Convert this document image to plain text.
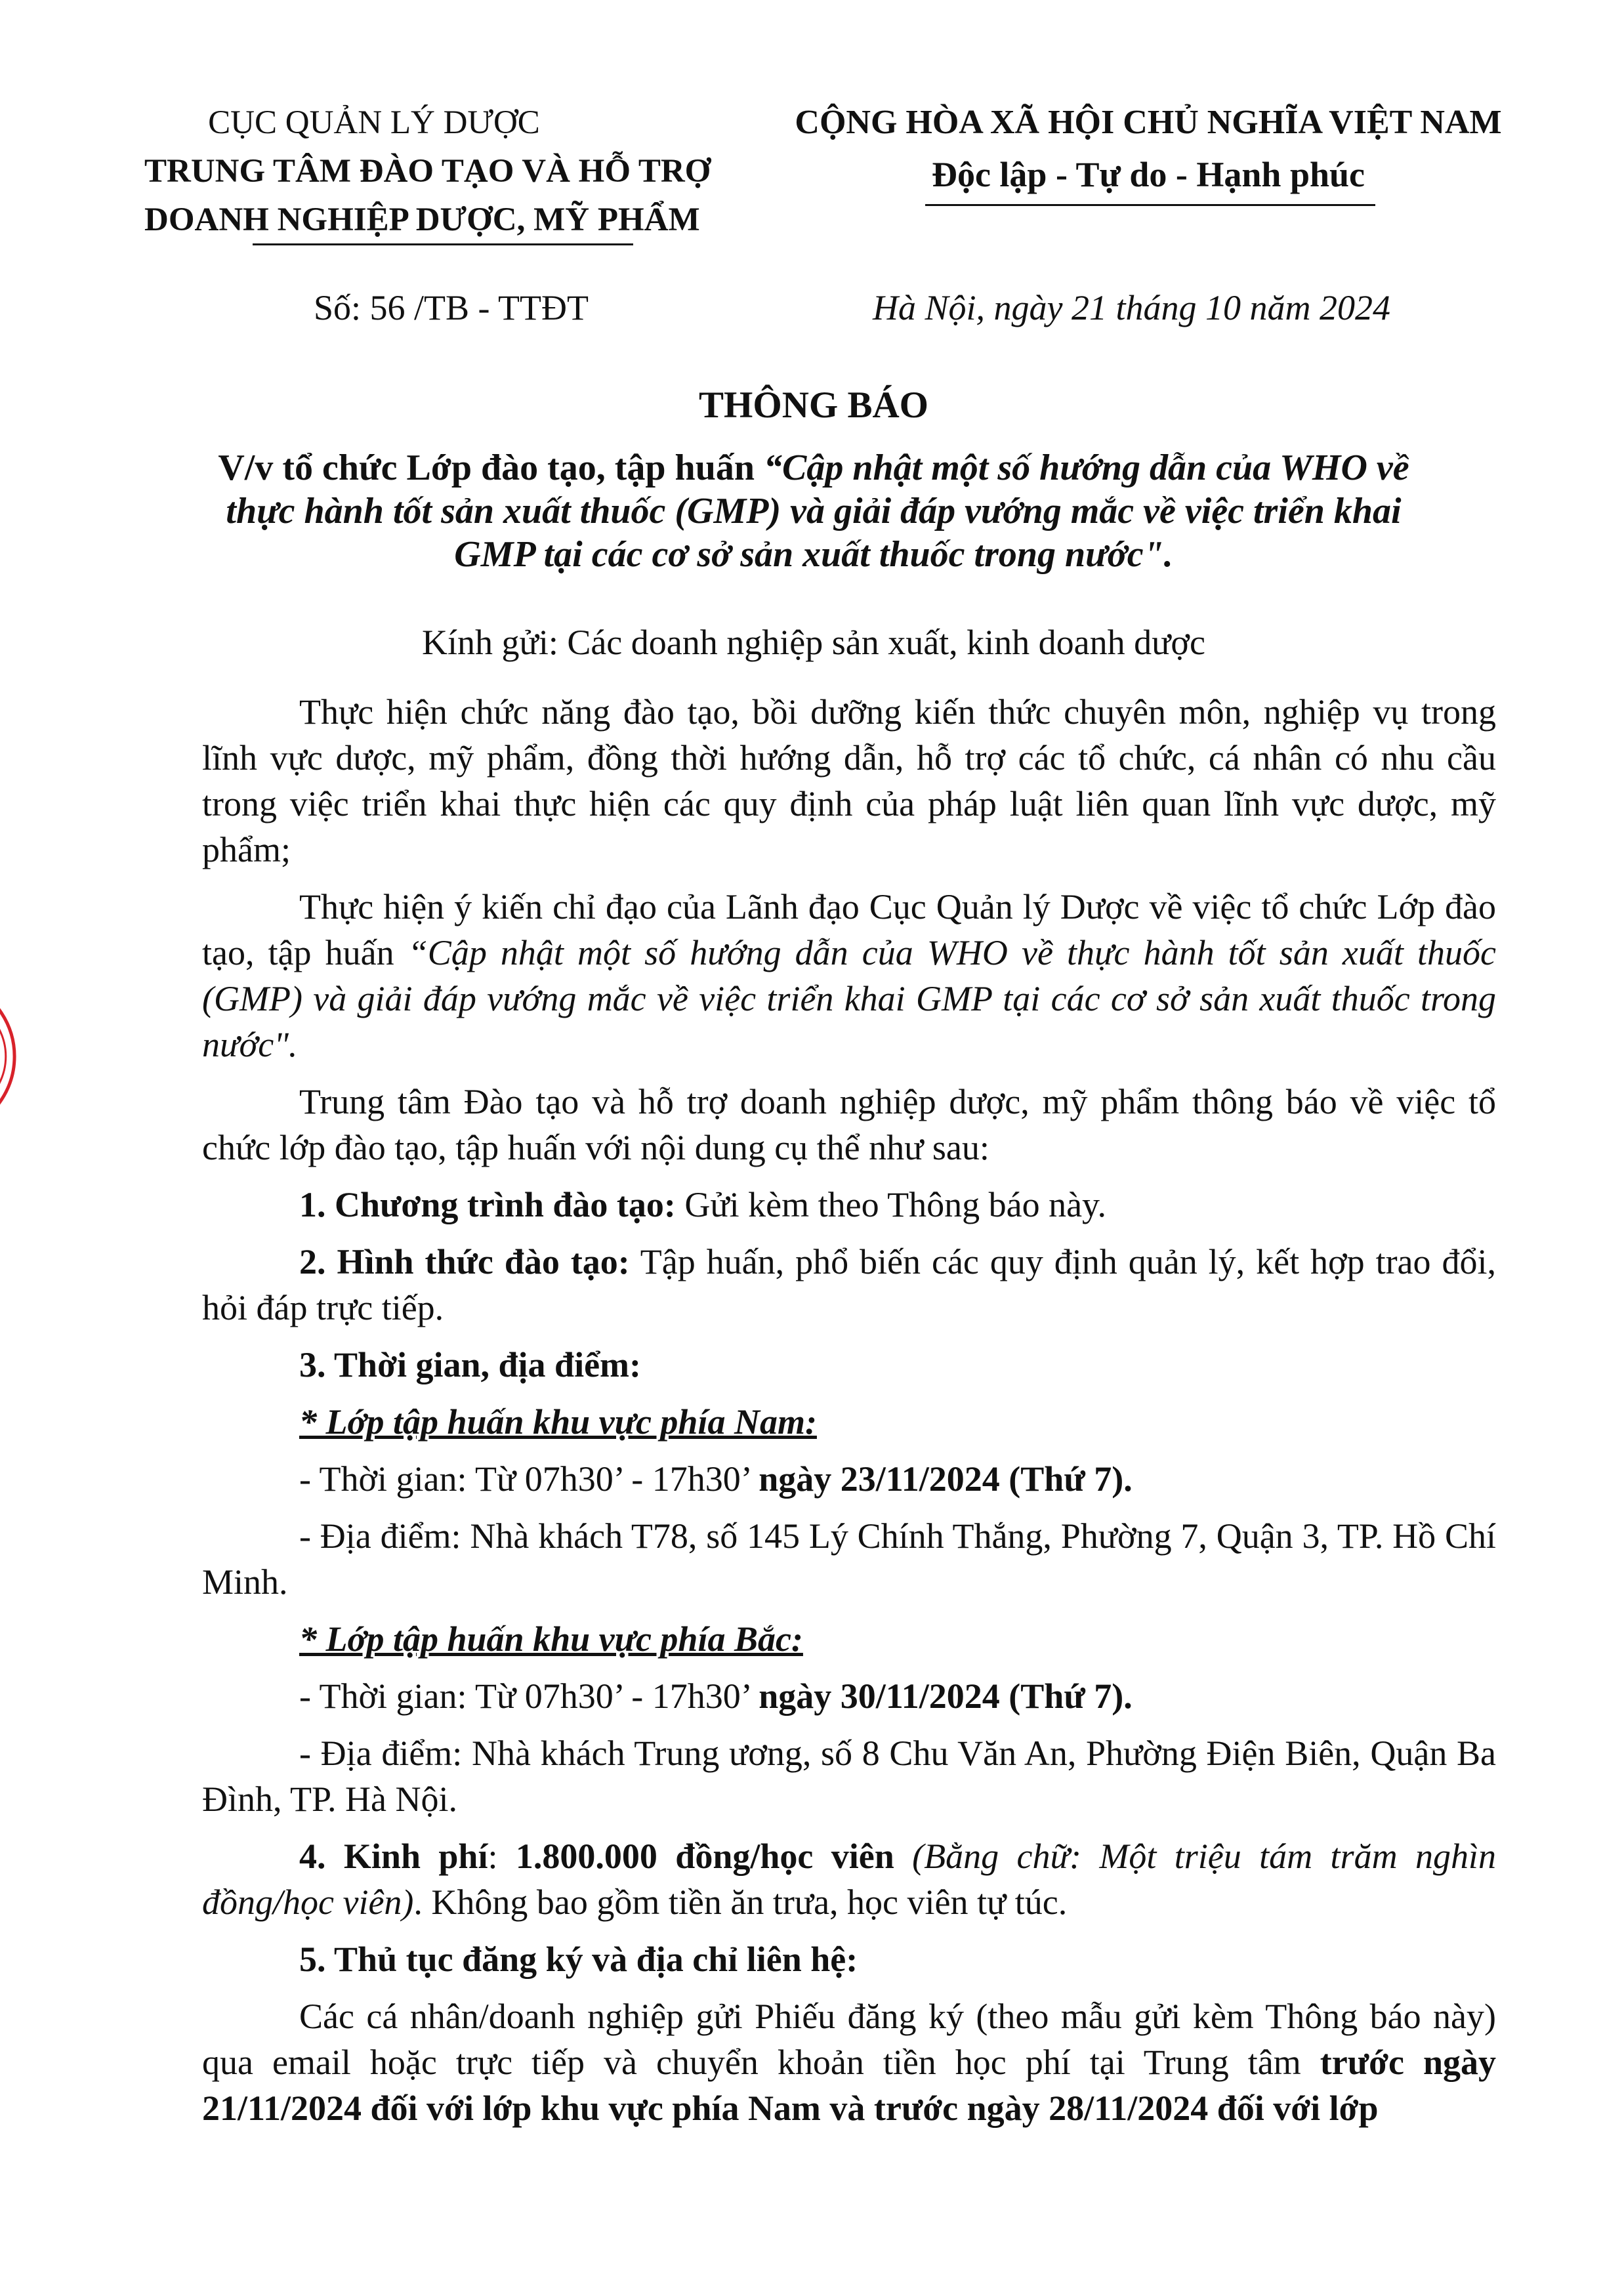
CỤC QUẢN LÝ DƯỢC
TRUNG TÂM ĐÀO TẠO VÀ HỖ TRỢ
DOANH NGHIỆP DƯỢC, MỸ PHẨM
CỘNG HÒA XÃ HỘI CHỦ NGHĨA VIỆT NAM
Độc lập - Tự do - Hạnh phúc
Số: 56 /TB - TTĐT	Hà Nội, ngày 21 tháng 10 năm 2024
THÔNG BÁO
V/v tổ chức Lớp đào tạo, tập huấn “Cập nhật một số hướng dẫn của WHO về thực hành tốt sản xuất thuốc (GMP) và giải đáp vướng mắc về việc triển khai GMP tại các cơ sở sản xuất thuốc trong nước".
Kính gửi: Các doanh nghiệp sản xuất, kinh doanh dược

Thực hiện chức năng đào tạo, bồi dưỡng kiến thức chuyên môn, nghiệp vụ trong lĩnh vực dược, mỹ phẩm, đồng thời hướng dẫn, hỗ trợ các tổ chức, cá nhân có nhu cầu trong việc triển khai thực hiện các quy định của pháp luật liên quan lĩnh vực dược, mỹ phẩm;

Thực hiện ý kiến chỉ đạo của Lãnh đạo Cục Quản lý Dược về việc tổ chức Lớp đào tạo, tập huấn “Cập nhật một số hướng dẫn của WHO về thực hành tốt sản xuất thuốc (GMP) và giải đáp vướng mắc về việc triển khai GMP tại các cơ sở sản xuất thuốc trong nước".

Trung tâm Đào tạo và hỗ trợ doanh nghiệp dược, mỹ phẩm thông báo về việc tổ chức lớp đào tạo, tập huấn với nội dung cụ thể như sau:

1. Chương trình đào tạo: Gửi kèm theo Thông báo này.

2. Hình thức đào tạo: Tập huấn, phổ biến các quy định quản lý, kết hợp trao đổi, hỏi đáp trực tiếp.

3. Thời gian, địa điểm:

* Lớp tập huấn khu vực phía Nam:

- Thời gian: Từ 07h30’ - 17h30’ ngày 23/11/2024 (Thứ 7).

- Địa điểm: Nhà khách T78, số 145 Lý Chính Thắng, Phường 7, Quận 3, TP. Hồ Chí Minh.

* Lớp tập huấn khu vực phía Bắc:

- Thời gian: Từ 07h30’ - 17h30’ ngày 30/11/2024 (Thứ 7).

- Địa điểm: Nhà khách Trung ương, số 8 Chu Văn An, Phường Điện Biên, Quận Ba Đình, TP. Hà Nội.

4. Kinh phí: 1.800.000 đồng/học viên (Bằng chữ: Một triệu tám trăm nghìn đồng/học viên). Không bao gồm tiền ăn trưa, học viên tự túc.

5. Thủ tục đăng ký và địa chỉ liên hệ:

Các cá nhân/doanh nghiệp gửi Phiếu đăng ký (theo mẫu gửi kèm Thông báo này) qua email hoặc trực tiếp và chuyển khoản tiền học phí tại Trung tâm trước ngày 21/11/2024 đối với lớp khu vực phía Nam và trước ngày 28/11/2024 đối với lớp
